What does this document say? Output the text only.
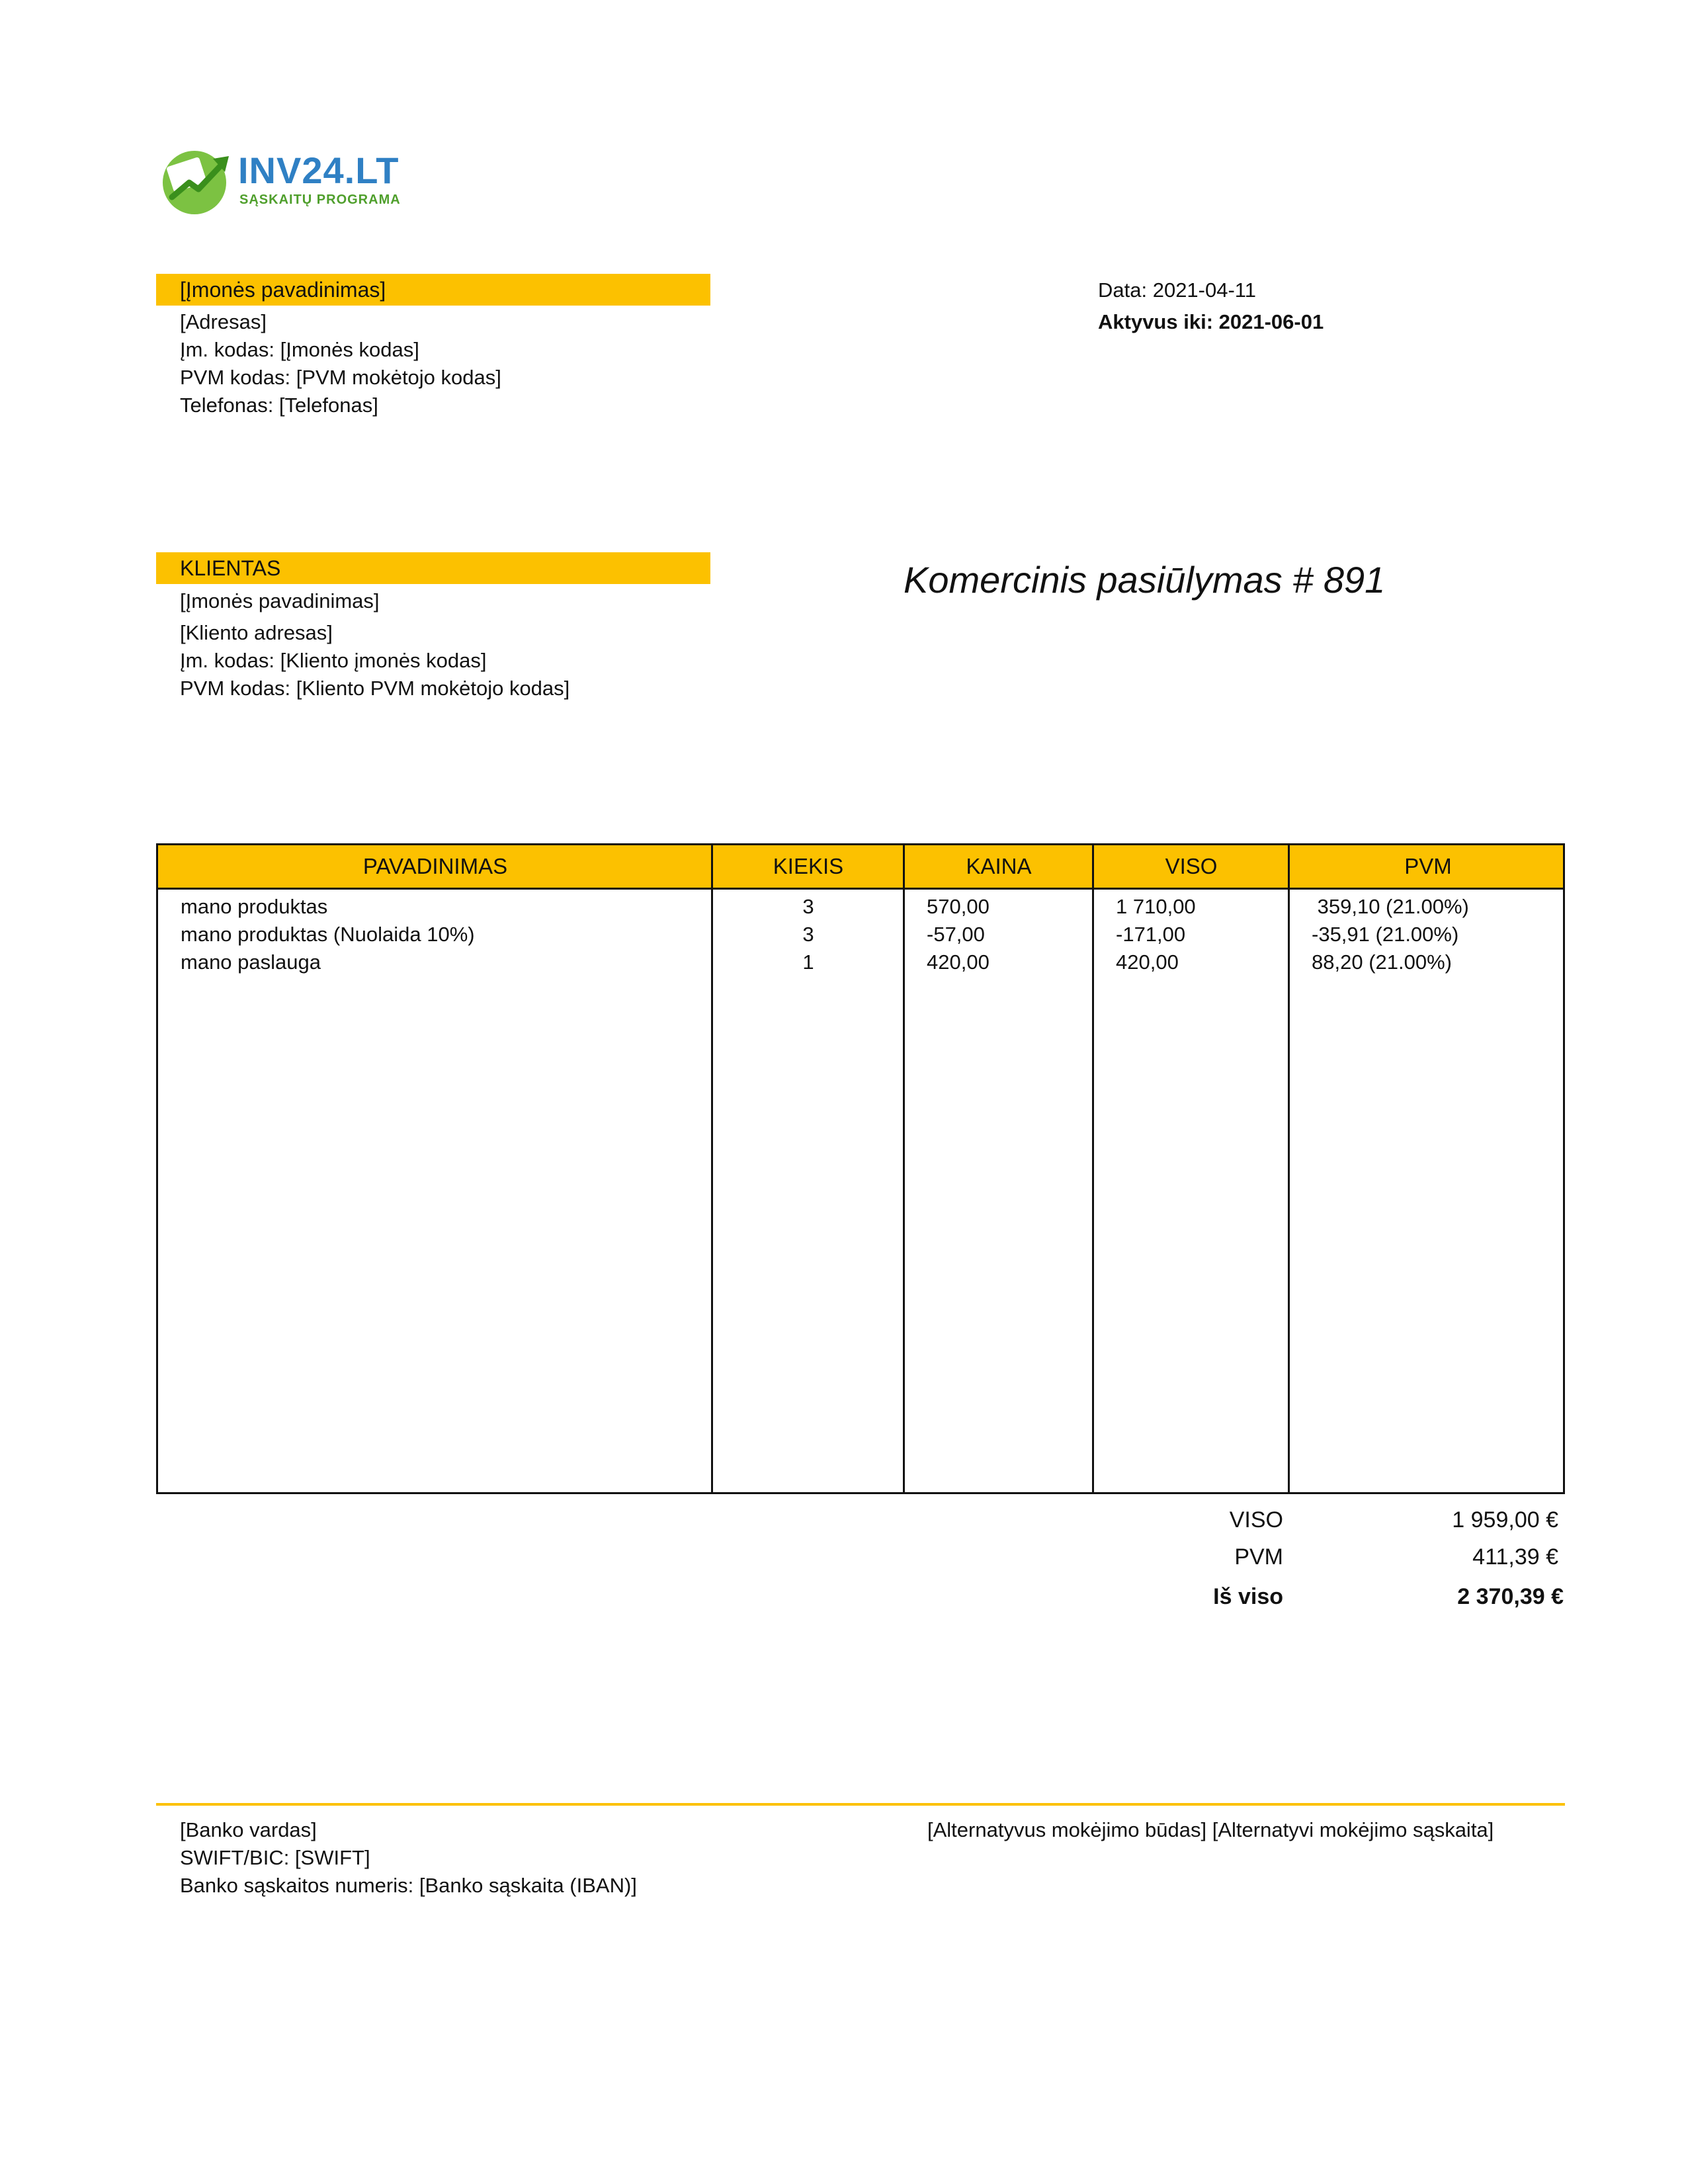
INV24.LT
SĄSKAITŲ PROGRAMA
[Įmonės pavadinimas]
[Adresas]
Įm. kodas: [Įmonės kodas]
PVM kodas: [PVM mokėtojo kodas]
Telefonas: [Telefonas]
Data: 2021-04-11
Aktyvus iki: 2021-06-01
KLIENTAS
[Įmonės pavadinimas]
[Kliento adresas]
Įm. kodas: [Kliento įmonės kodas]
PVM kodas: [Kliento PVM mokėtojo kodas]
Komercinis pasiūlymas # 891
PAVADINIMAS	KIEKIS	KAINA	VISO	PVM
mano produktas	3	570,00	1 710,00	359,10 (21.00%)
mano produktas (Nuolaida 10%)	3	-57,00	-171,00	-35,91 (21.00%)
mano paslauga	1	420,00	420,00	88,20 (21.00%)
VISO	1 959,00 €
PVM	411,39 €
Iš viso	2 370,39 €
[Banko vardas]
SWIFT/BIC: [SWIFT]
Banko sąskaitos numeris: [Banko sąskaita (IBAN)]
[Alternatyvus mokėjimo būdas] [Alternatyvi mokėjimo sąskaita]
